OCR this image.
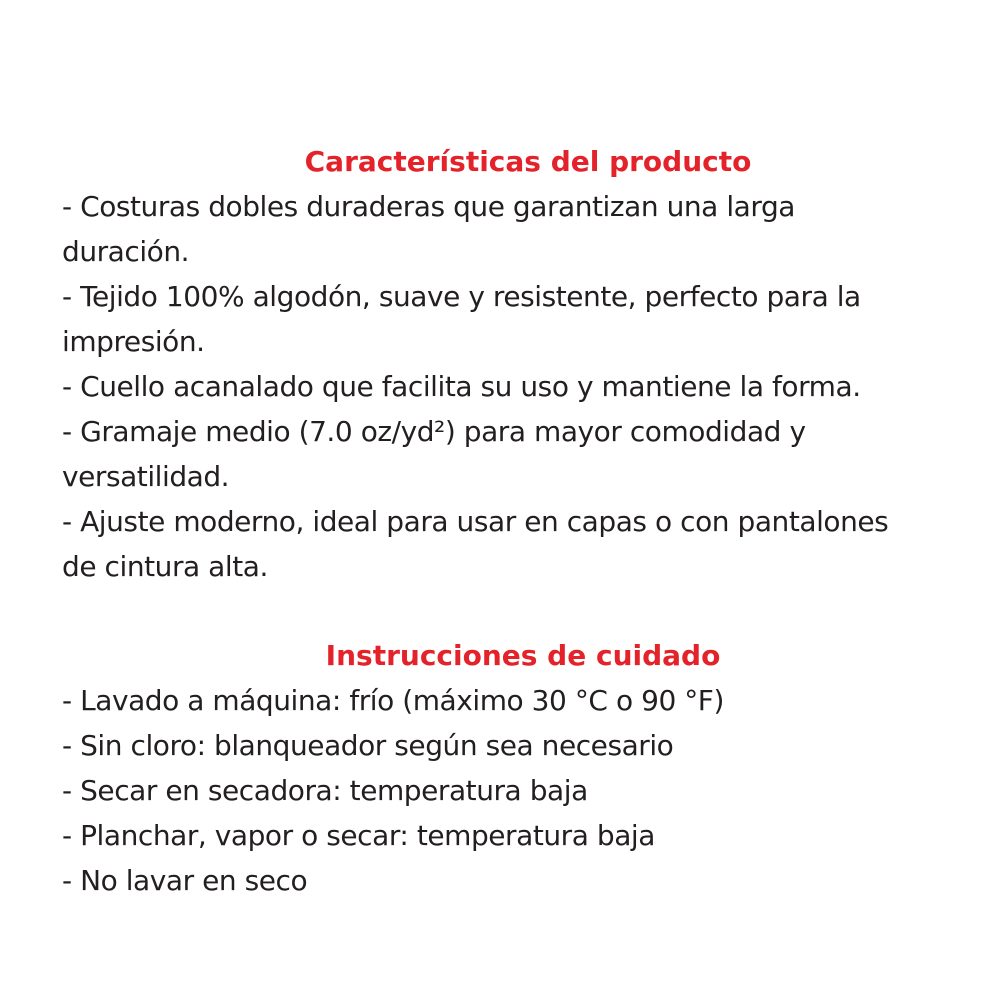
Características del producto

- Costuras dobles duraderas que garantizan una larga

duración.

- Tejido 100% algodón, suave y resistente, perfecto para la

impresión.

- Cuello acanalado que facilita su uso y mantiene la forma.

- Gramaje medio (7.0 oz/yd²) para mayor comodidad y

versatilidad.

- Ajuste moderno, ideal para usar en capas o con pantalones

de cintura alta.

Instrucciones de cuidado

- Lavado a máquina: frío (máximo 30 °C o 90 °F)

- Sin cloro: blanqueador según sea necesario

- Secar en secadora: temperatura baja

- Planchar, vapor o secar: temperatura baja

- No lavar en seco
